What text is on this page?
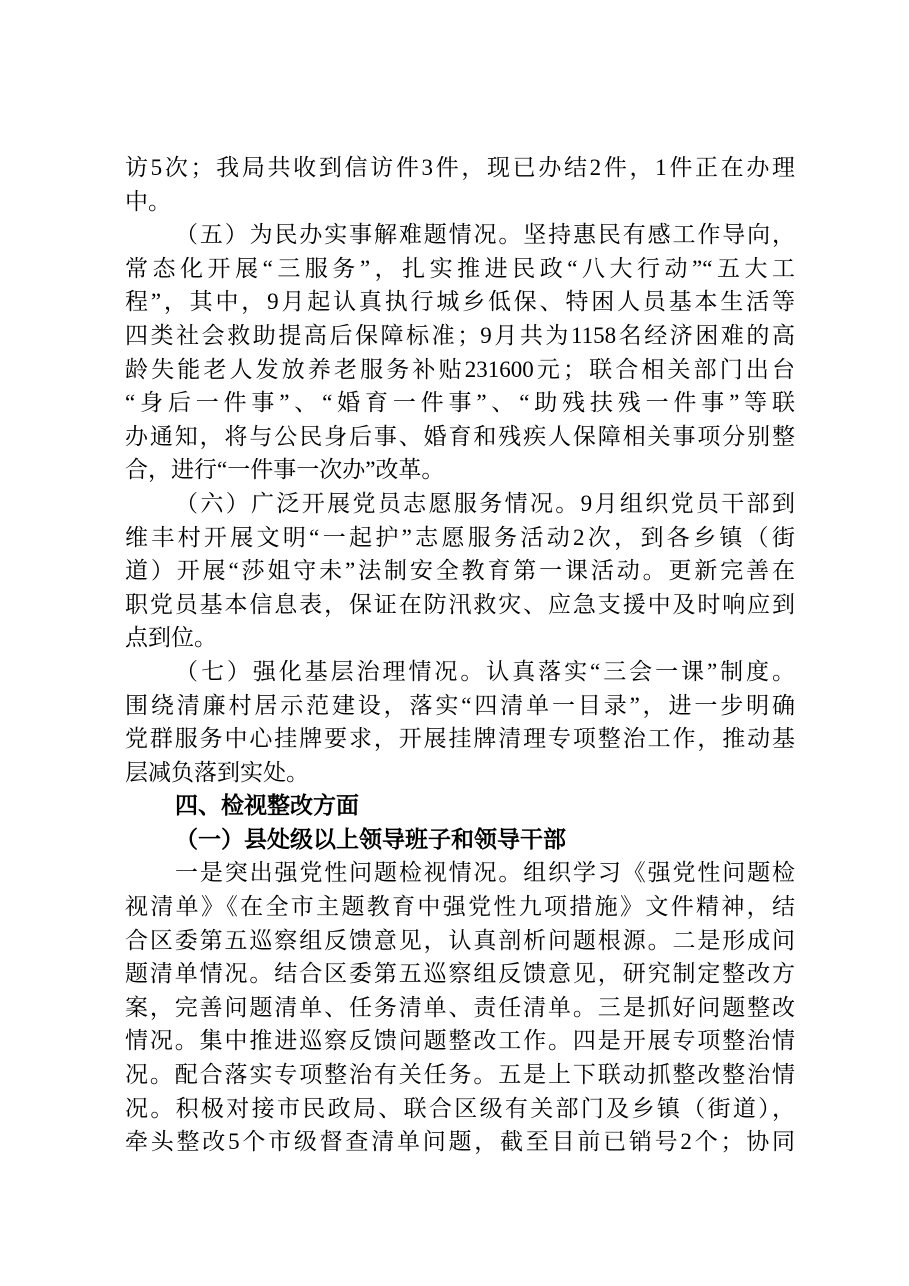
访5次；我局共收到信访件3件，现已办结2件，1件正在办理
中。
（五）为民办实事解难题情况。坚持惠民有感工作导向，
常态化开展“三服务”，扎实推进民政“八大行动”“五大工
程”，其中，9月起认真执行城乡低保、特困人员基本生活等
四类社会救助提高后保障标准；9月共为1158名经济困难的高
龄失能老人发放养老服务补贴231600元；联合相关部门出台
“身后一件事”、“婚育一件事”、“助残扶残一件事”等联
办通知，将与公民身后事、婚育和残疾人保障相关事项分别整
合，进行“一件事一次办”改革。
（六）广泛开展党员志愿服务情况。9月组织党员干部到
维丰村开展文明“一起护”志愿服务活动2次，到各乡镇（街
道）开展“莎姐守未”法制安全教育第一课活动。更新完善在
职党员基本信息表，保证在防汛救灾、应急支援中及时响应到
点到位。
（七）强化基层治理情况。认真落实“三会一课”制度。
围绕清廉村居示范建设，落实“四清单一目录”，进一步明确
党群服务中心挂牌要求，开展挂牌清理专项整治工作，推动基
层减负落到实处。
四、检视整改方面
（一）县处级以上领导班子和领导干部
一是突出强党性问题检视情况。组织学习《强党性问题检
视清单》《在全市主题教育中强党性九项措施》文件精神，结
合区委第五巡察组反馈意见，认真剖析问题根源。二是形成问
题清单情况。结合区委第五巡察组反馈意见，研究制定整改方
案，完善问题清单、任务清单、责任清单。三是抓好问题整改
情况。集中推进巡察反馈问题整改工作。四是开展专项整治情
况。配合落实专项整治有关任务。五是上下联动抓整改整治情
况。积极对接市民政局、联合区级有关部门及乡镇（街道），
牵头整改5个市级督查清单问题，截至目前已销号2个；协同
